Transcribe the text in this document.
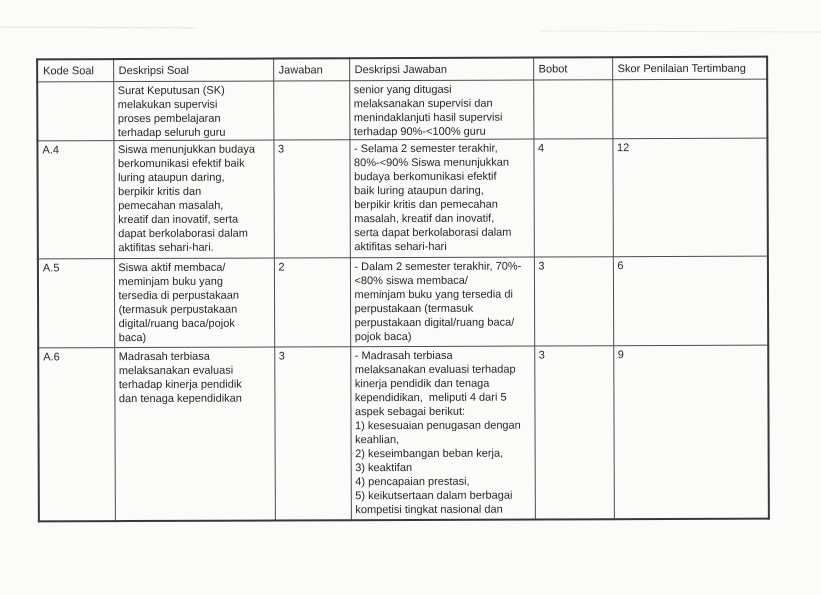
Kode Soal	Deskripsi Soal	Jawaban	Deskripsi Jawaban	Bobot	Skor Penilaian Tertimbang
	Surat Keputusan (SK)
melakukan supervisi
proses pembelajaran
terhadap seluruh guru		senior yang ditugasi
melaksanakan supervisi dan
menindaklanjuti hasil supervisi
terhadap 90%-<100% guru		
A.4	Siswa menunjukkan budaya
berkomunikasi efektif baik
luring ataupun daring,
berpikir kritis dan
pemecahan masalah,
kreatif dan inovatif, serta
dapat berkolaborasi dalam
aktifitas sehari-hari.	3	- Selama 2 semester terakhir,
80%-<90% Siswa menunjukkan
budaya berkomunikasi efektif
baik luring ataupun daring,
berpikir kritis dan pemecahan
masalah, kreatif dan inovatif,
serta dapat berkolaborasi dalam
aktifitas sehari-hari	4	12
A.5	Siswa aktif membaca/
meminjam buku yang
tersedia di perpustakaan
(termasuk perpustakaan
digital/ruang baca/pojok
baca)	2	- Dalam 2 semester terakhir, 70%-
<80% siswa membaca/
meminjam buku yang tersedia di
perpustakaan (termasuk
perpustakaan digital/ruang baca/
pojok baca)	3	6
A.6	Madrasah terbiasa
melaksanakan evaluasi
terhadap kinerja pendidik
dan tenaga kependidikan	3	- Madrasah terbiasa
melaksanakan evaluasi terhadap
kinerja pendidik dan tenaga
kependidikan,  meliputi 4 dari 5
aspek sebagai berikut:
1) kesesuaian penugasan dengan
keahlian,
2) keseimbangan beban kerja,
3) keaktifan
4) pencapaian prestasi,
5) keikutsertaan dalam berbagai
kompetisi tingkat nasional dan	3	9
